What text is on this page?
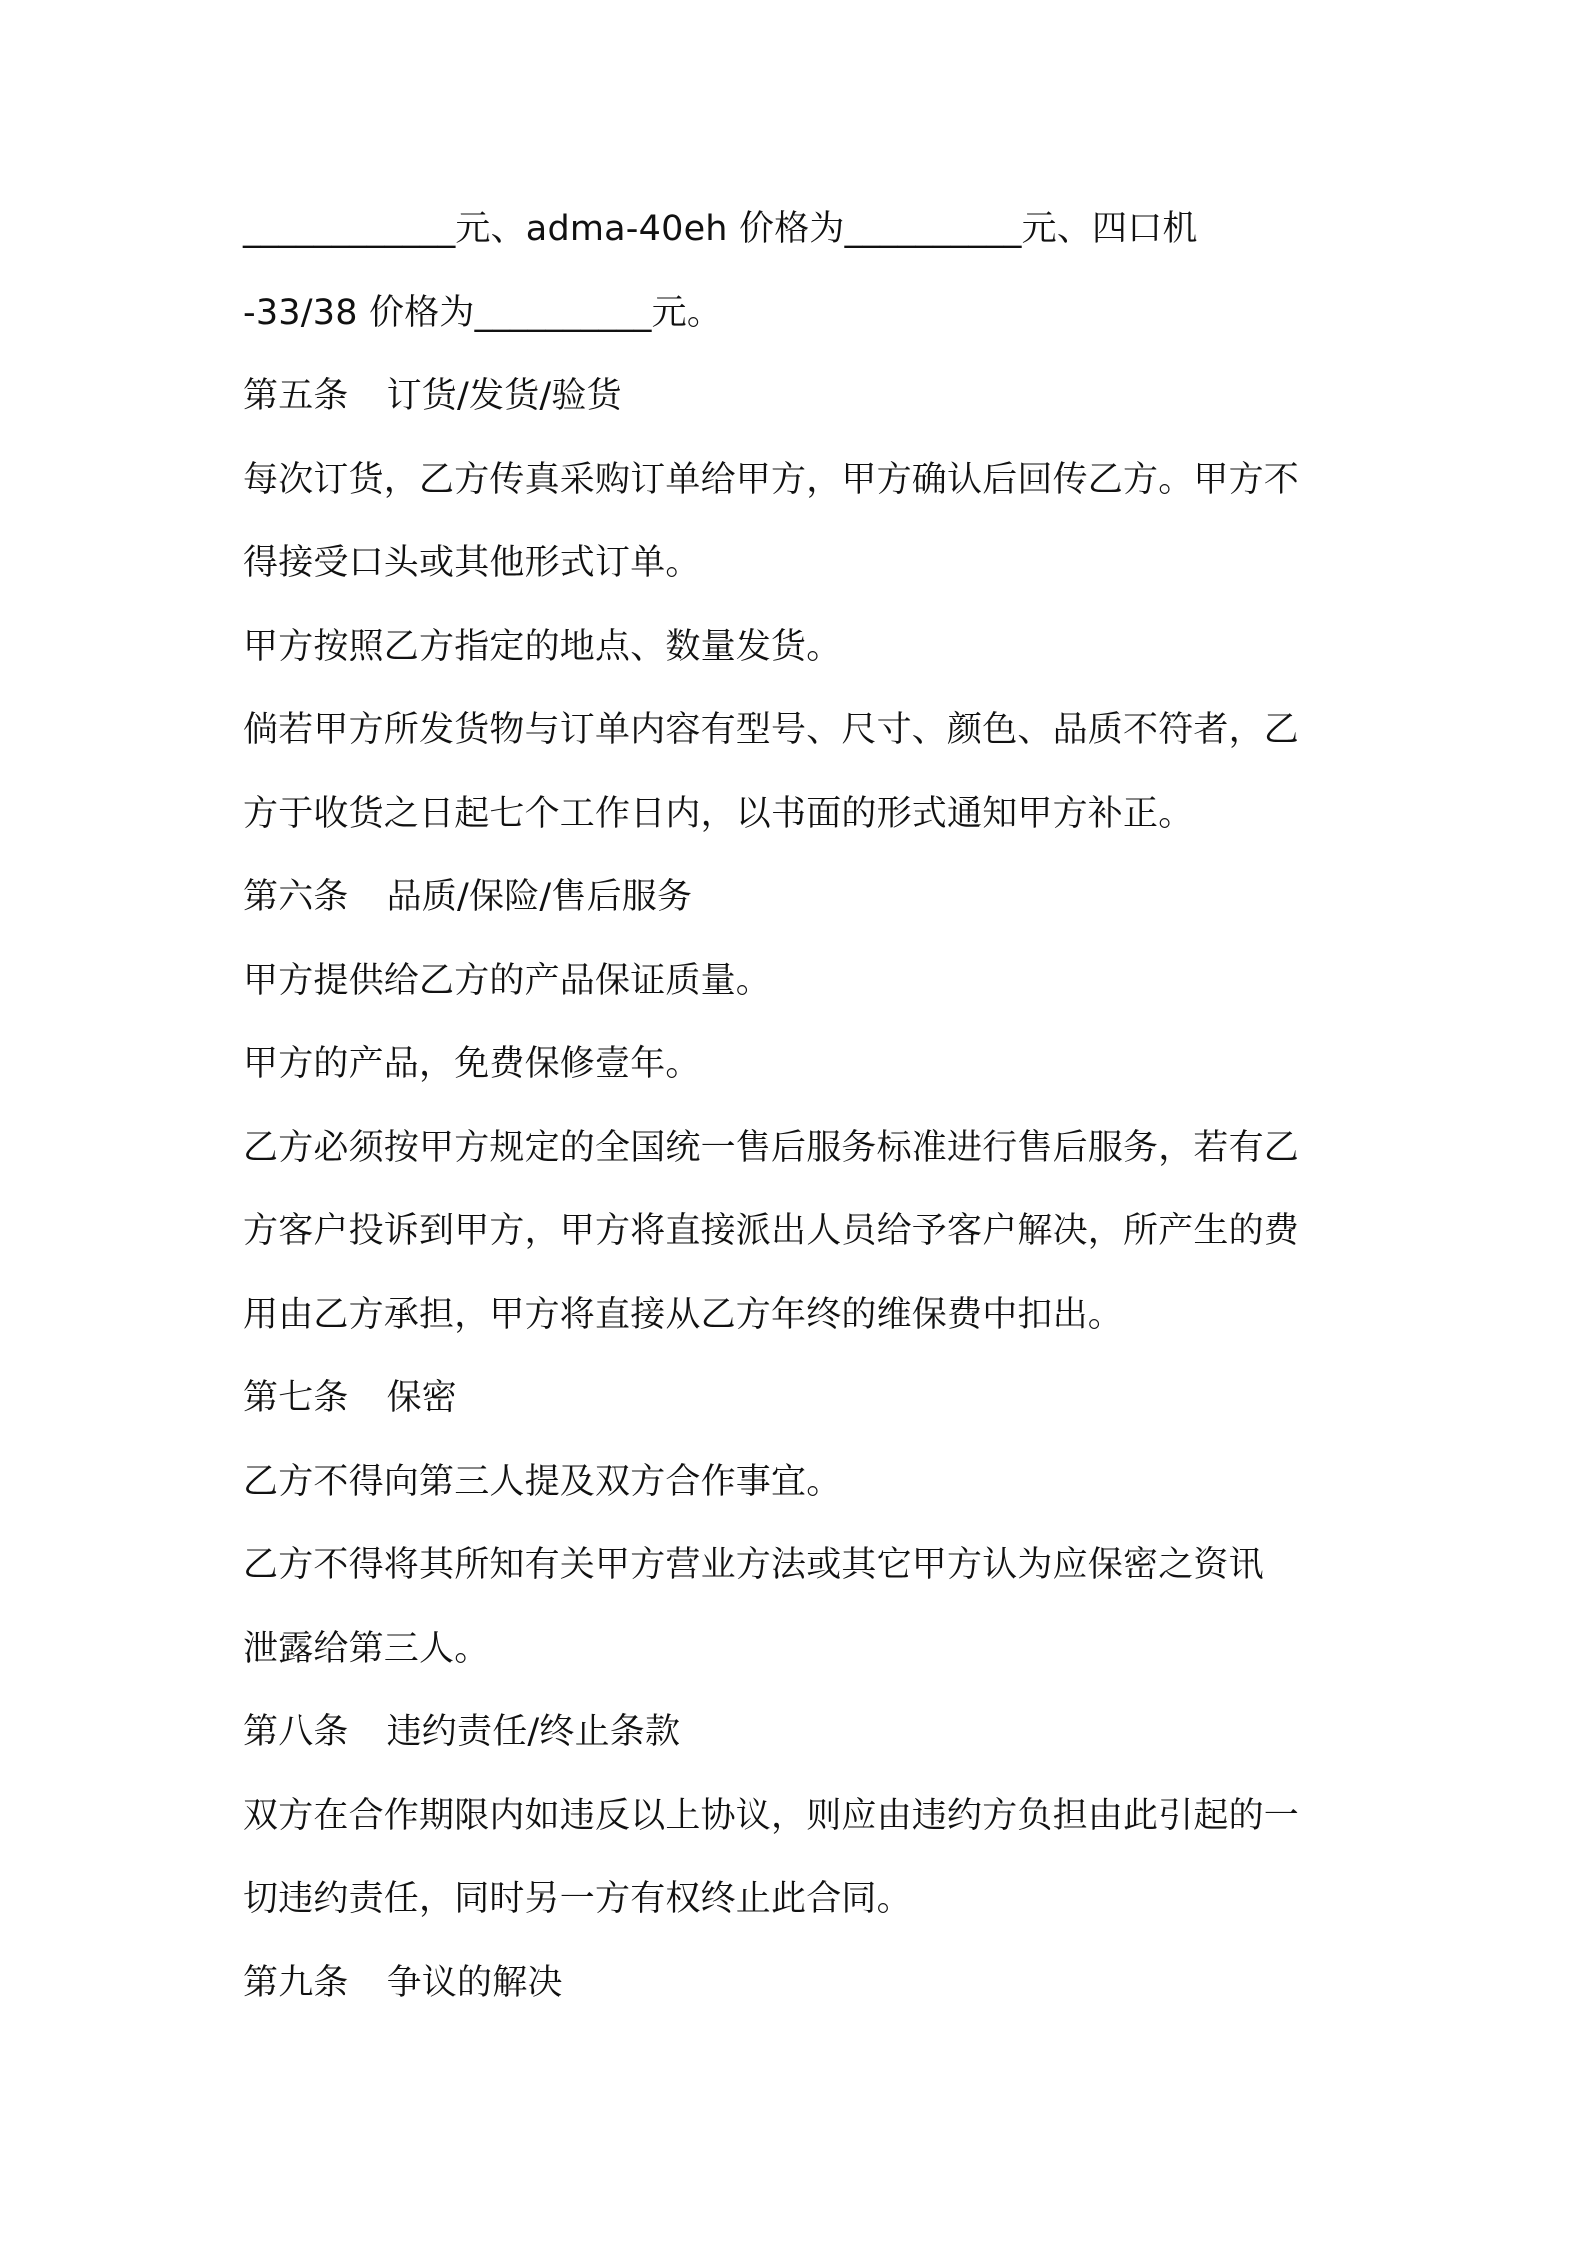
____________元、adma-40eh 价格为__________元、四口机
-33/38 价格为__________元。
第五条 订货/发货/验货
每次订货，乙方传真采购订单给甲方，甲方确认后回传乙方。甲方不
得接受口头或其他形式订单。
甲方按照乙方指定的地点、数量发货。
倘若甲方所发货物与订单内容有型号、尺寸、颜色、品质不符者，乙
方于收货之日起七个工作日内，以书面的形式通知甲方补正。
第六条 品质/保险/售后服务
甲方提供给乙方的产品保证质量。
甲方的产品，免费保修壹年。
乙方必须按甲方规定的全国统一售后服务标准进行售后服务，若有乙
方客户投诉到甲方，甲方将直接派出人员给予客户解决，所产生的费
用由乙方承担，甲方将直接从乙方年终的维保费中扣出。
第七条 保密
乙方不得向第三人提及双方合作事宜。
乙方不得将其所知有关甲方营业方法或其它甲方认为应保密之资讯
泄露给第三人。
第八条 违约责任/终止条款
双方在合作期限内如违反以上协议，则应由违约方负担由此引起的一
切违约责任，同时另一方有权终止此合同。
第九条 争议的解决
